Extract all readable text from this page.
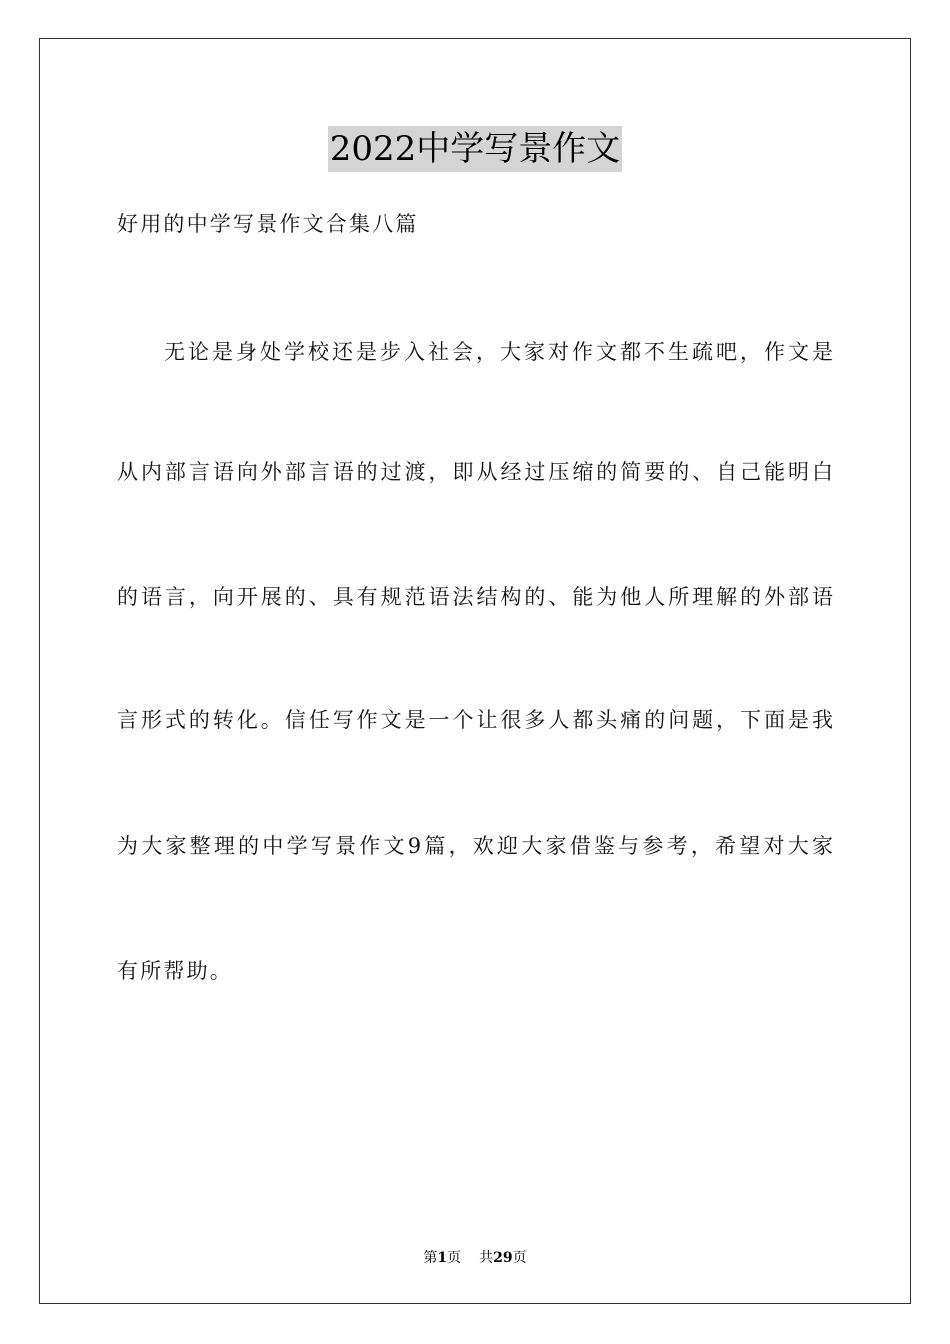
2022中学写景作文
好用的中学写景作文合集八篇
无论是身处学校还是步入社会，大家对作文都不生疏吧，作文是
从内部言语向外部言语的过渡，即从经过压缩的简要的、自己能明白
的语言，向开展的、具有规范语法结构的、能为他人所理解的外部语
言形式的转化。信任写作文是一个让很多人都头痛的问题，下面是我
为大家整理的中学写景作文9篇，欢迎大家借鉴与参考，希望对大家
有所帮助。
第1页 共29页
